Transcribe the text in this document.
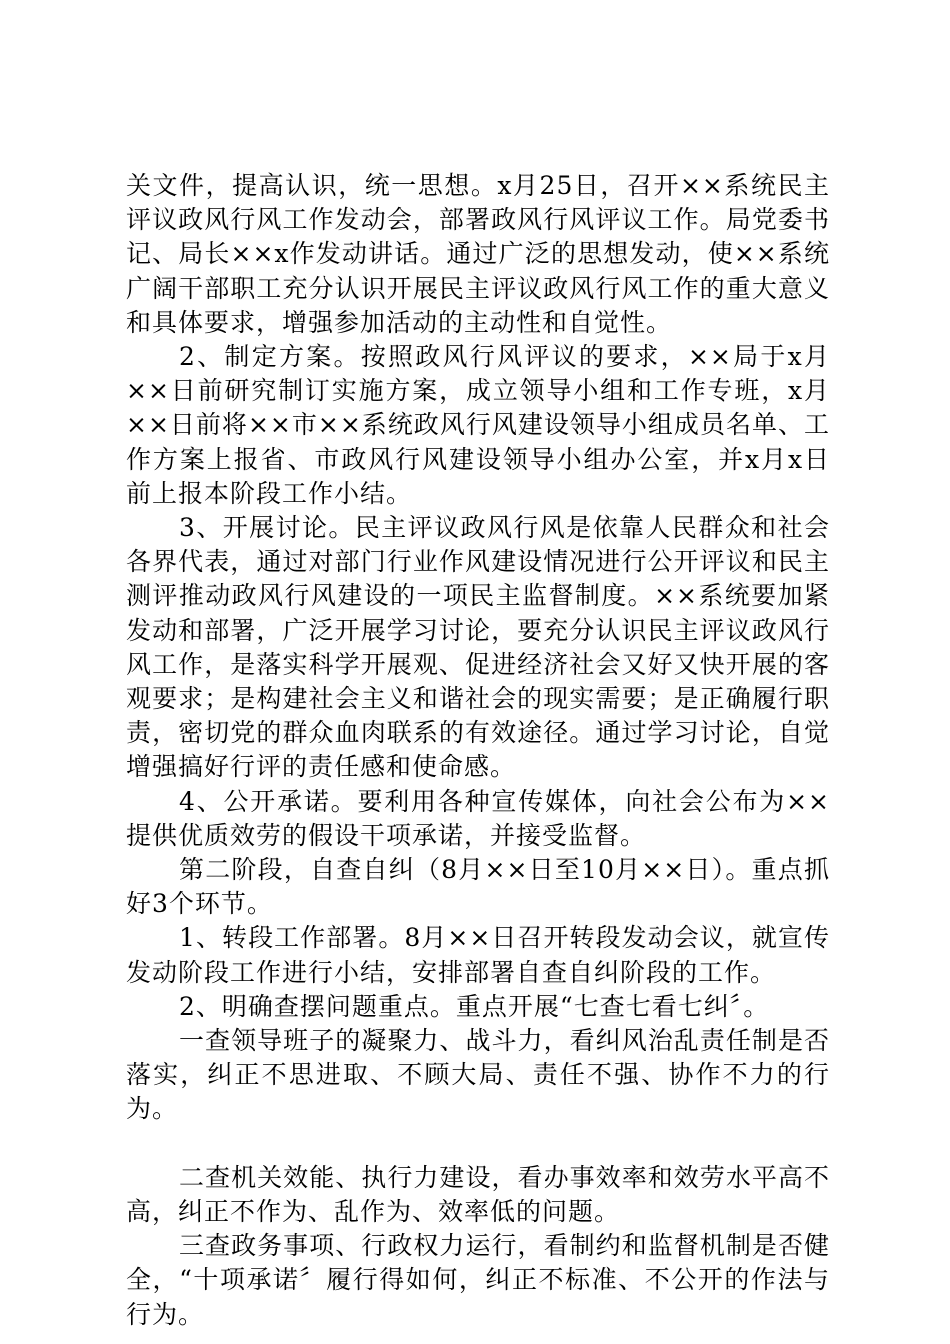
关文件，提高认识，统一思想。x月25日，召开××系统民主评议政风行风工作发动会，部署政风行风评议工作。局党委书记、局长××x作发动讲话。通过广泛的思想发动，使××系统广阔干部职工充分认识开展民主评议政风行风工作的重大意义和具体要求，增强参加活动的主动性和自觉性。

2、制定方案。按照政风行风评议的要求，××局于x月××日前研究制订实施方案，成立领导小组和工作专班，x月××日前将××市××系统政风行风建设领导小组成员名单、工作方案上报省、市政风行风建设领导小组办公室，并x月x日前上报本阶段工作小结。

3、开展讨论。民主评议政风行风是依靠人民群众和社会各界代表，通过对部门行业作风建设情况进行公开评议和民主测评推动政风行风建设的一项民主监督制度。××系统要加紧发动和部署，广泛开展学习讨论，要充分认识民主评议政风行风工作，是落实科学开展观、促进经济社会又好又快开展的客观要求；是构建社会主义和谐社会的现实需要；是正确履行职责，密切党的群众血肉联系的有效途径。通过学习讨论，自觉增强搞好行评的责任感和使命感。

4、公开承诺。要利用各种宣传媒体，向社会公布为××提供优质效劳的假设干项承诺，并接受监督。

第二阶段，自查自纠（8月××日至10月××日）。重点抓好3个环节。

1、转段工作部署。8月××日召开转段发动会议，就宣传发动阶段工作进行小结，安排部署自查自纠阶段的工作。

2、明确查摆问题重点。重点开展“七查七看七纠〞。

一查领导班子的凝聚力、战斗力，看纠风治乱责任制是否落实，纠正不思进取、不顾大局、责任不强、协作不力的行为。

二查机关效能、执行力建设，看办事效率和效劳水平高不高，纠正不作为、乱作为、效率低的问题。

三查政务事项、行政权力运行，看制约和监督机制是否健全，“十项承诺〞履行得如何，纠正不标准、不公开的作法与行为。
